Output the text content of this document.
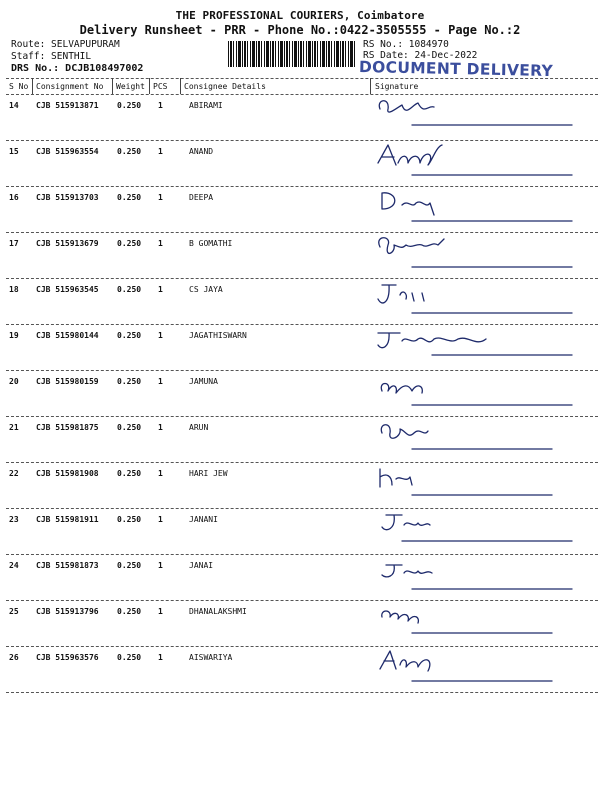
THE PROFESSIONAL COURIERS, Coimbatore
Delivery Runsheet - PRR - Phone No.:0422-3505555 - Page No.:2
Route: SELVAPUPURAM
Staff: SENTHIL
DRS No.: DCJB108497002
RS No.: 1084970
RS Date: 24-Dec-2022
DOCUMENT DELIVERY
S No Consignment No Weight PCS Consignee Details	Signature
14 CJB 515913871 0.250 1	ABIRAMI
15 CJB 515963554 0.250 1	ANAND
16 CJB 515913703 0.250 1	DEEPA
17 CJB 515913679 0.250 1	B GOMATHI
18 CJB 515963545 0.250 1	CS JAYA
19 CJB 515980144 0.250 1	JAGATHISWARN
20 CJB 515980159 0.250 1	JAMUNA
21 CJB 515981875 0.250 1	ARUN
22 CJB 515981908 0.250 1	HARI JEW
23 CJB 515981911 0.250 1	JANANI
24 CJB 515981873 0.250 1	JANAI
25 CJB 515913796 0.250 1	DHANALAKSHMI
26 CJB 515963576 0.250 1	AISWARIYA
